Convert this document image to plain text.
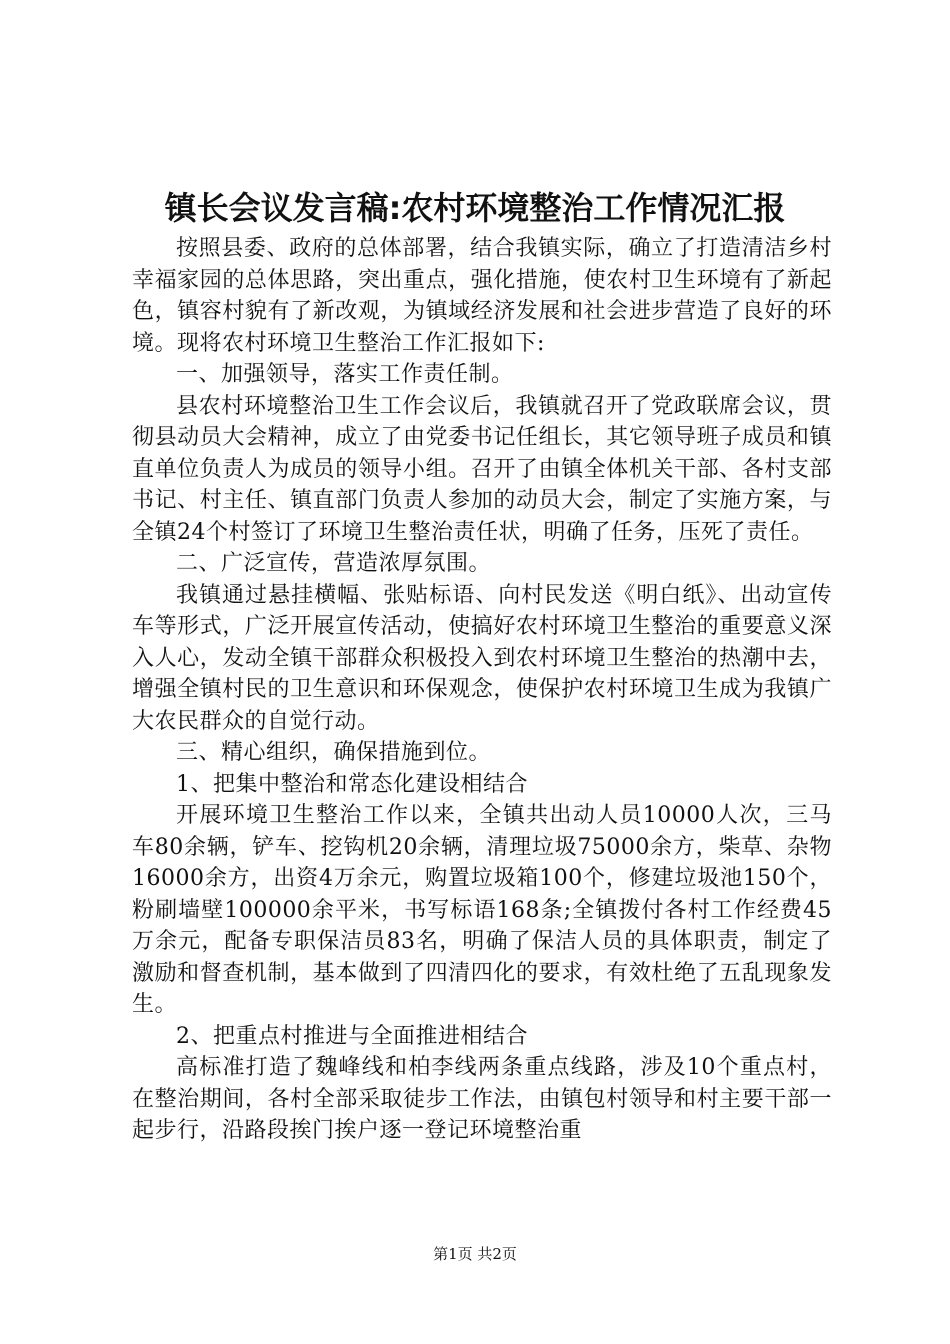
镇长会议发言稿:农村环境整治工作情况汇报

按照县委、政府的总体部署，结合我镇实际，确立了打造清洁乡村幸福家园的总体思路，突出重点，强化措施，使农村卫生环境有了新起色，镇容村貌有了新改观，为镇域经济发展和社会进步营造了良好的环境。现将农村环境卫生整治工作汇报如下:

一、加强领导，落实工作责任制。

县农村环境整治卫生工作会议后，我镇就召开了党政联席会议，贯彻县动员大会精神，成立了由党委书记任组长，其它领导班子成员和镇直单位负责人为成员的领导小组。召开了由镇全体机关干部、各村支部书记、村主任、镇直部门负责人参加的动员大会，制定了实施方案，与全镇24个村签订了环境卫生整治责任状，明确了任务，压死了责任。

二、广泛宣传，营造浓厚氛围。

我镇通过悬挂横幅、张贴标语、向村民发送《明白纸》、出动宣传车等形式，广泛开展宣传活动，使搞好农村环境卫生整治的重要意义深入人心，发动全镇干部群众积极投入到农村环境卫生整治的热潮中去，增强全镇村民的卫生意识和环保观念，使保护农村环境卫生成为我镇广大农民群众的自觉行动。

三、精心组织，确保措施到位。

1、把集中整治和常态化建设相结合

开展环境卫生整治工作以来，全镇共出动人员10000人次，三马车80余辆，铲车、挖钩机20余辆，清理垃圾75000余方，柴草、杂物16000余方，出资4万余元，购置垃圾箱100个，修建垃圾池150个，粉刷墙壁100000余平米，书写标语168条;全镇拨付各村工作经费45万余元，配备专职保洁员83名，明确了保洁人员的具体职责，制定了激励和督查机制，基本做到了四清四化的要求，有效杜绝了五乱现象发生。

2、把重点村推进与全面推进相结合

高标准打造了魏峰线和柏李线两条重点线路，涉及10个重点村，在整治期间，各村全部采取徒步工作法，由镇包村领导和村主要干部一起步行，沿路段挨门挨户逐一登记环境整治重

第1页 共2页
